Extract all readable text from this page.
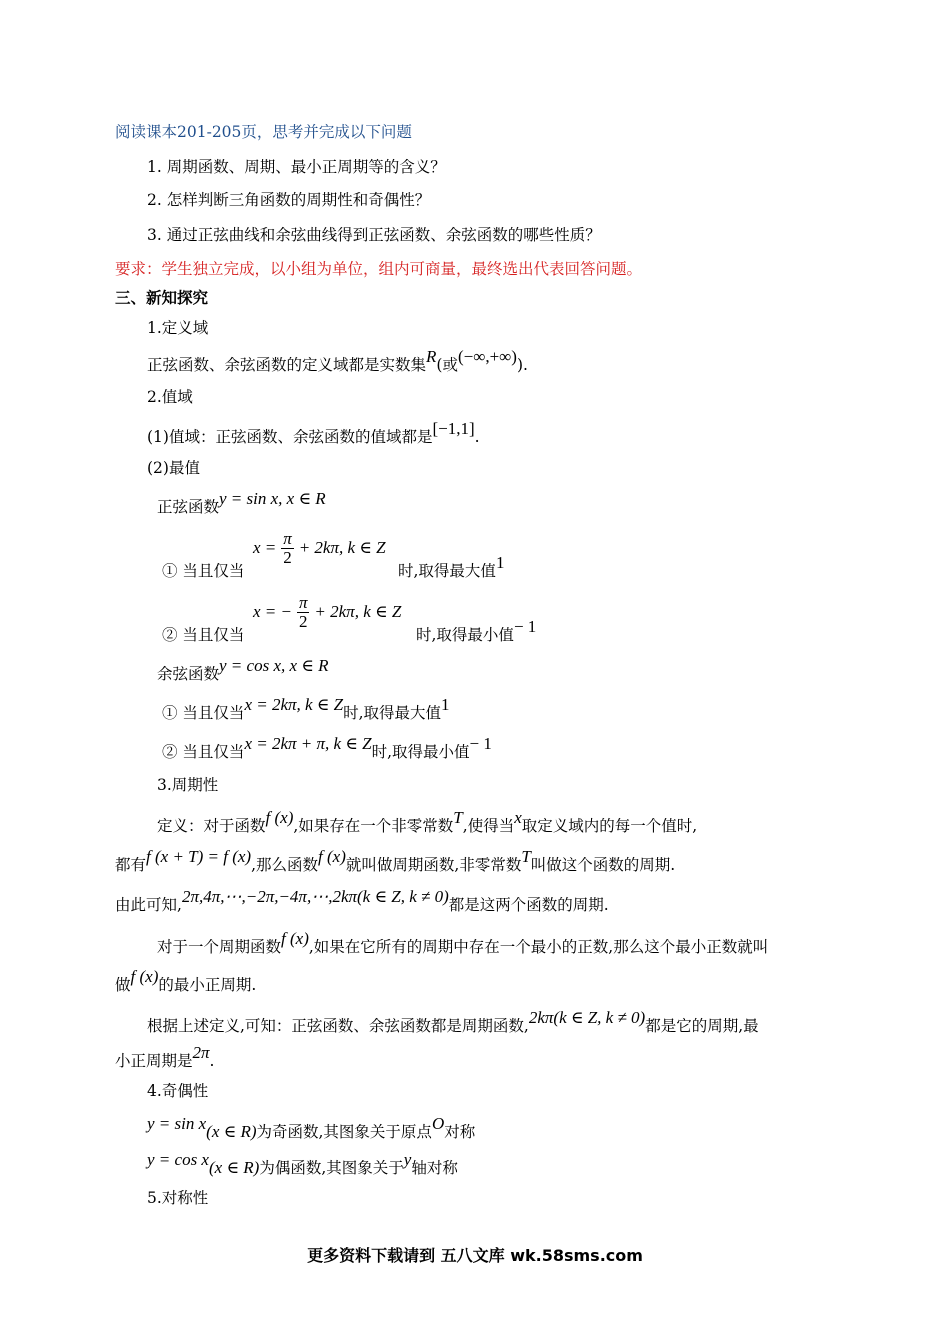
阅读课本201-205页，思考并完成以下问题
1. 周期函数、周期、最小正周期等的含义？
2. 怎样判断三角函数的周期性和奇偶性？
3. 通过正弦曲线和余弦曲线得到正弦函数、余弦函数的哪些性质？
要求：学生独立完成，以小组为单位，组内可商量，最终选出代表回答问题。
三、新知探究
1.定义域
正弦函数、余弦函数的定义域都是实数集R(或(−∞,+∞)).
2.值域
(1)值域：正弦函数、余弦函数的值域都是[−1,1].
(2)最值
正弦函数y = sin x, x ∈ R
① 当且仅当
$x = \frac{\pi}{2} + 2k\pi$, k ∈ Z
时,取得最大值1
② 当且仅当
x = − $\frac{\pi}{2} + 2k\pi$, k ∈ Z
时,取得最小值− 1
余弦函数y = cos x, x ∈ R
① 当且仅当x = 2kπ, k ∈ Z时,取得最大值1
② 当且仅当x = 2kπ + π, k ∈ Z时,取得最小值− 1
3.周期性
定义：对于函数f (x),如果存在一个非零常数T,使得当x取定义域内的每一个值时,
都有f (x + T) = f (x),那么函数f (x)就叫做周期函数,非零常数T叫做这个函数的周期.
由此可知,2π,4π,⋯,−2π,−4π,⋯,2kπ(k ∈ Z, k ≠ 0)都是这两个函数的周期.
对于一个周期函数f (x),如果在它所有的周期中存在一个最小的正数,那么这个最小正数就叫
做f (x)的最小正周期.
根据上述定义,可知：正弦函数、余弦函数都是周期函数,2kπ(k ∈ Z, k ≠ 0)都是它的周期,最
小正周期是2π.
4.奇偶性
y = sin x(x ∈ R)为奇函数,其图象关于原点O对称
y = cos x(x ∈ R)为偶函数,其图象关于y轴对称
5.对称性
更多资料下载请到 五八文库 wk.58sms.com
